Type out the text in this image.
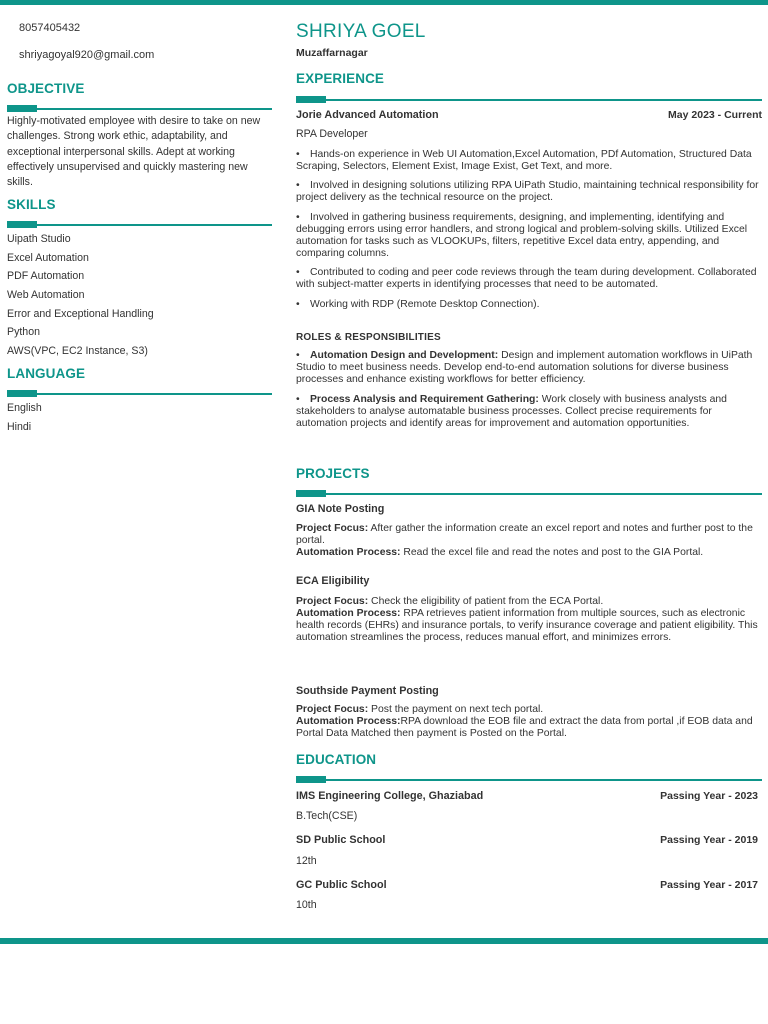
8057405432
shriyagoyal920@gmail.com
OBJECTIVE
Highly-motivated employee with desire to take on new challenges. Strong work ethic, adaptability, and exceptional interpersonal skills. Adept at working effectively unsupervised and quickly mastering new skills.
SKILLS
Uipath Studio
Excel Automation
PDF Automation
Web Automation
Error and Exceptional Handling
Python
AWS(VPC, EC2 Instance, S3)
LANGUAGE
English
Hindi
SHRIYA GOEL
Muzaffarnagar
EXPERIENCE
Jorie Advanced Automation	May 2023 - Current
RPA Developer
• Hands-on experience in Web UI Automation,Excel Automation, PDf Automation, Structured Data Scraping, Selectors, Element Exist, Image Exist, Get Text, and more.
• Involved in designing solutions utilizing RPA UiPath Studio, maintaining technical responsibility for project delivery as the technical resource on the project.
• Involved in gathering business requirements, designing, and implementing, identifying and debugging errors using error handlers, and strong logical and problem-solving skills. Utilized Excel automation for tasks such as VLOOKUPs, filters, repetitive Excel data entry, appending, and comparing columns.
• Contributed to coding and peer code reviews through the team during development. Collaborated with subject-matter experts in identifying processes that need to be automated.
• Working with RDP (Remote Desktop Connection).
ROLES & RESPONSIBILITIES
• Automation Design and Development: Design and implement automation workflows in UiPath Studio to meet business needs. Develop end-to-end automation solutions for diverse business processes and enhance existing workflows for better efficiency.
• Process Analysis and Requirement Gathering: Work closely with business analysts and stakeholders to analyse automatable business processes. Collect precise requirements for automation projects and identify areas for improvement and automation opportunities.
PROJECTS
GIA Note Posting
Project Focus: After gather the information create an excel report and notes and further post to the portal.
Automation Process: Read the excel file and read the notes and post to the GIA Portal.
ECA Eligibility
Project Focus: Check the eligibility of patient from the ECA Portal.
Automation Process: RPA retrieves patient information from multiple sources, such as electronic health records (EHRs) and insurance portals, to verify insurance coverage and patient eligibility. This automation streamlines the process, reduces manual effort, and minimizes errors.
Southside Payment Posting
Project Focus: Post the payment on next tech portal.
Automation Process:RPA download the EOB file and extract the data from portal ,if EOB data and Portal Data Matched then payment is Posted on the Portal.
EDUCATION
IMS Engineering College, Ghaziabad	Passing Year - 2023
B.Tech(CSE)
SD Public School	Passing Year - 2019
12th
GC Public School	Passing Year - 2017
10th
